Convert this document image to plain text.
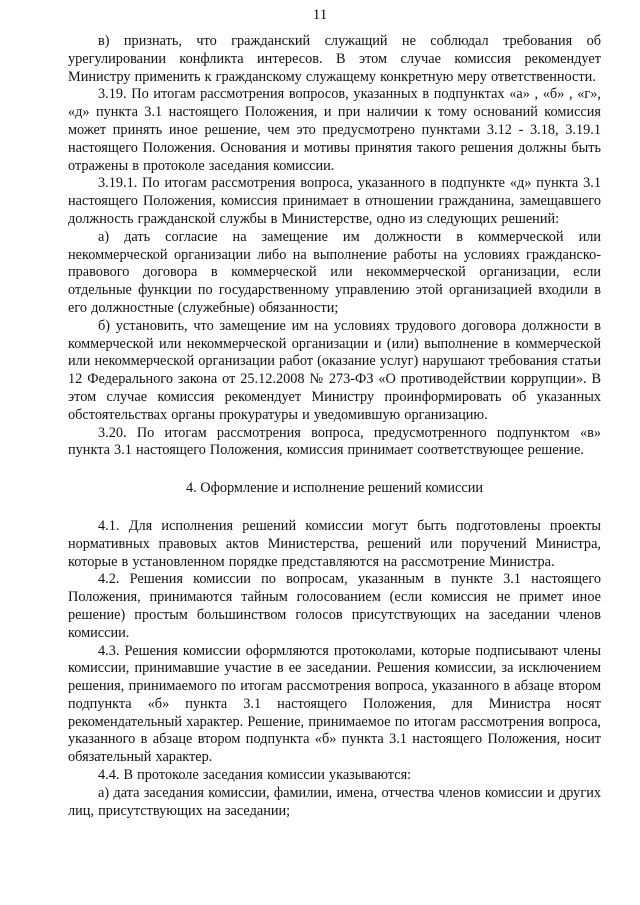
11

в) признать, что гражданский служащий не соблюдал требования об урегулировании конфликта интересов. В этом случае комиссия рекомендует Министру применить к гражданскому служащему конкретную меру ответственности.

3.19. По итогам рассмотрения вопросов, указанных в подпунктах «а» , «б» , «г», «д» пункта 3.1 настоящего Положения, и при наличии к тому оснований комиссия может принять иное решение, чем это предусмотрено пунктами 3.12 - 3.18, 3.19.1 настоящего Положения. Основания и мотивы принятия такого решения должны быть отражены в протоколе заседания комиссии.

3.19.1. По итогам рассмотрения вопроса, указанного в подпункте «д» пункта 3.1 настоящего Положения, комиссия принимает в отношении гражданина, замещавшего должность гражданской службы в Министерстве, одно из следующих решений:

а) дать согласие на замещение им должности в коммерческой или некоммерческой организации либо на выполнение работы на условиях гражданско-правового договора в коммерческой или некоммерческой организации, если отдельные функции по государственному управлению этой организацией входили в его должностные (служебные) обязанности;

б) установить, что замещение им на условиях трудового договора должности в коммерческой или некоммерческой организации и (или) выполнение в коммерческой или некоммерческой организации работ (оказание услуг) нарушают требования статьи 12 Федерального закона от 25.12.2008 № 273-ФЗ «О противодействии коррупции». В этом случае комиссия рекомендует Министру проинформировать об указанных обстоятельствах органы прокуратуры и уведомившую организацию.

3.20. По итогам рассмотрения вопроса, предусмотренного подпунктом «в» пункта 3.1 настоящего Положения, комиссия принимает соответствующее решение.

4. Оформление и исполнение решений комиссии

4.1. Для исполнения решений комиссии могут быть подготовлены проекты нормативных правовых актов Министерства, решений или поручений Министра, которые в установленном порядке представляются на рассмотрение Министра.

4.2. Решения комиссии по вопросам, указанным в пункте 3.1 настоящего Положения, принимаются тайным голосованием (если комиссия не примет иное решение) простым большинством голосов присутствующих на заседании членов комиссии.

4.3. Решения комиссии оформляются протоколами, которые подписывают члены комиссии, принимавшие участие в ее заседании. Решения комиссии, за исключением решения, принимаемого по итогам рассмотрения вопроса, указанного в абзаце втором подпункта «б» пункта 3.1 настоящего Положения, для Министра носят рекомендательный характер. Решение, принимаемое по итогам рассмотрения вопроса, указанного в абзаце втором подпункта «б» пункта 3.1 настоящего Положения, носит обязательный характер.

4.4. В протоколе заседания комиссии указываются:

а) дата заседания комиссии, фамилии, имена, отчества членов комиссии и других лиц, присутствующих на заседании;
